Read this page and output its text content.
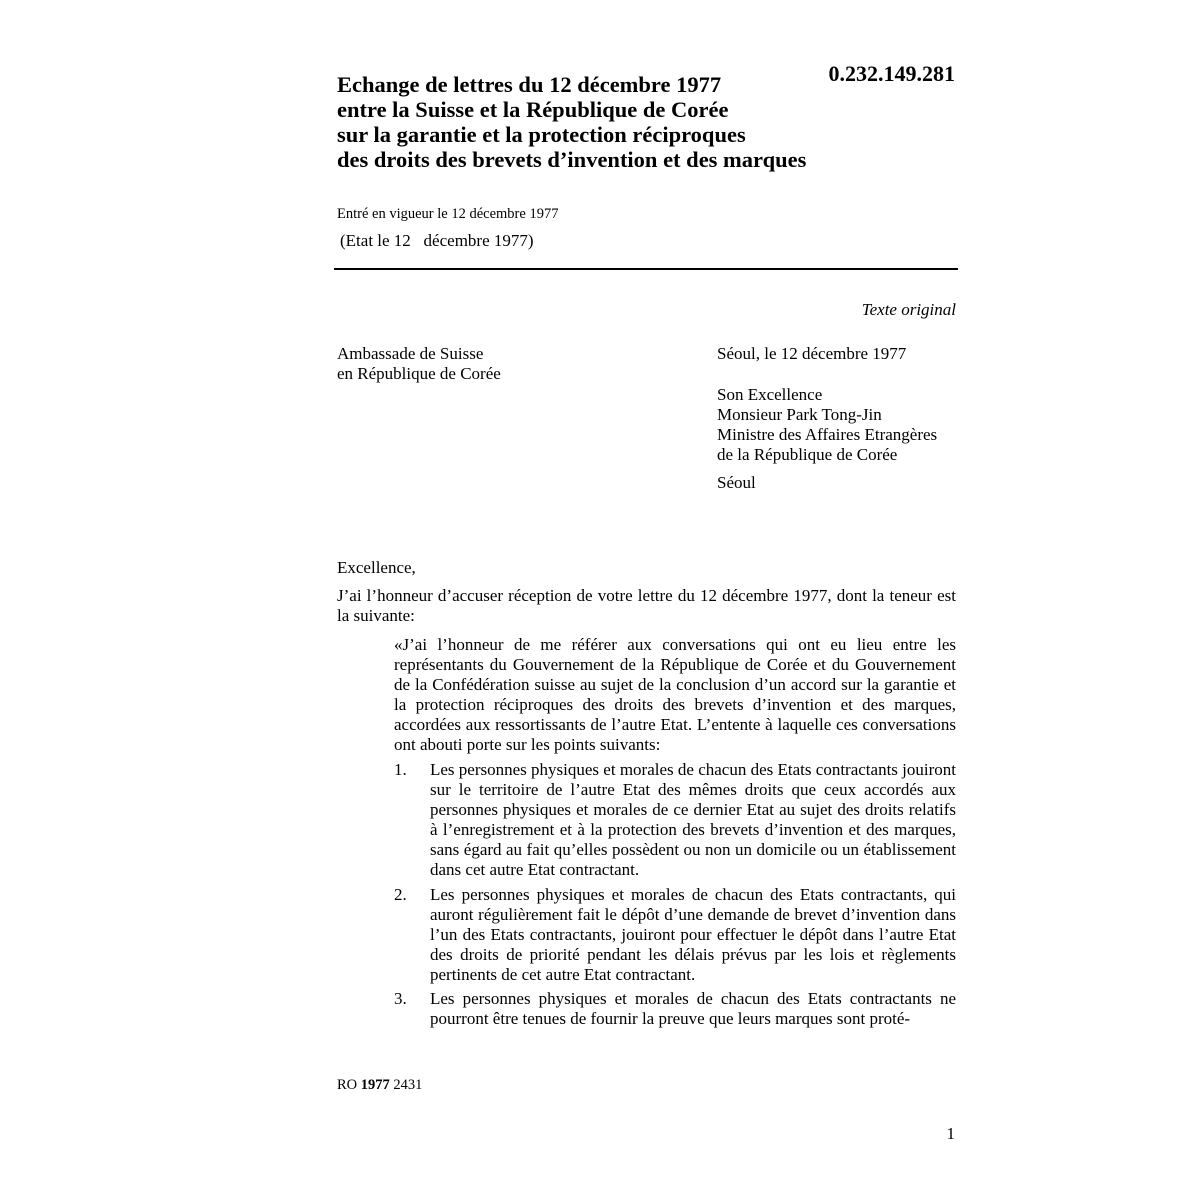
0.232.149.281
Echange de lettres du 12 décembre 1977
entre la Suisse et la République de Corée
sur la garantie et la protection réciproques
des droits des brevets d’invention et des marques
Entré en vigueur le 12 décembre 1977
(Etat le 12   décembre 1977)
Texte original
Ambassade de Suisse
en République de Corée
Séoul, le 12 décembre 1977
Son Excellence
Monsieur Park Tong-Jin
Ministre des Affaires Etrangères
de la République de Corée
Séoul
Excellence,
J’ai l’honneur d’accuser réception de votre lettre du 12 décembre 1977, dont la teneur est la suivante:
«J’ai l’honneur de me référer aux conversations qui ont eu lieu entre les représentants du Gouvernement de la République de Corée et du Gouvernement de la Confédération suisse au sujet de la conclusion d’un accord sur la garantie et la protection réciproques des droits des brevets d’invention et des marques, accordées aux ressortissants de l’autre Etat. L’entente à laquelle ces conversations ont abouti porte sur les points suivants:
1. Les personnes physiques et morales de chacun des Etats contractants jouiront sur le territoire de l’autre Etat des mêmes droits que ceux accordés aux personnes physiques et morales de ce dernier Etat au sujet des droits relatifs à l’enregistrement et à la protection des brevets d’invention et des marques, sans égard au fait qu’elles possèdent ou non un domicile ou un établissement dans cet autre Etat contractant.
2. Les personnes physiques et morales de chacun des Etats contractants, qui auront régulièrement fait le dépôt d’une demande de brevet d’invention dans l’un des Etats contractants, jouiront pour effectuer le dépôt dans l’autre Etat des droits de priorité pendant les délais prévus par les lois et règlements pertinents de cet autre Etat contractant.
3. Les personnes physiques et morales de chacun des Etats contractants ne pourront être tenues de fournir la preuve que leurs marques sont proté-
RO 1977 2431
1
